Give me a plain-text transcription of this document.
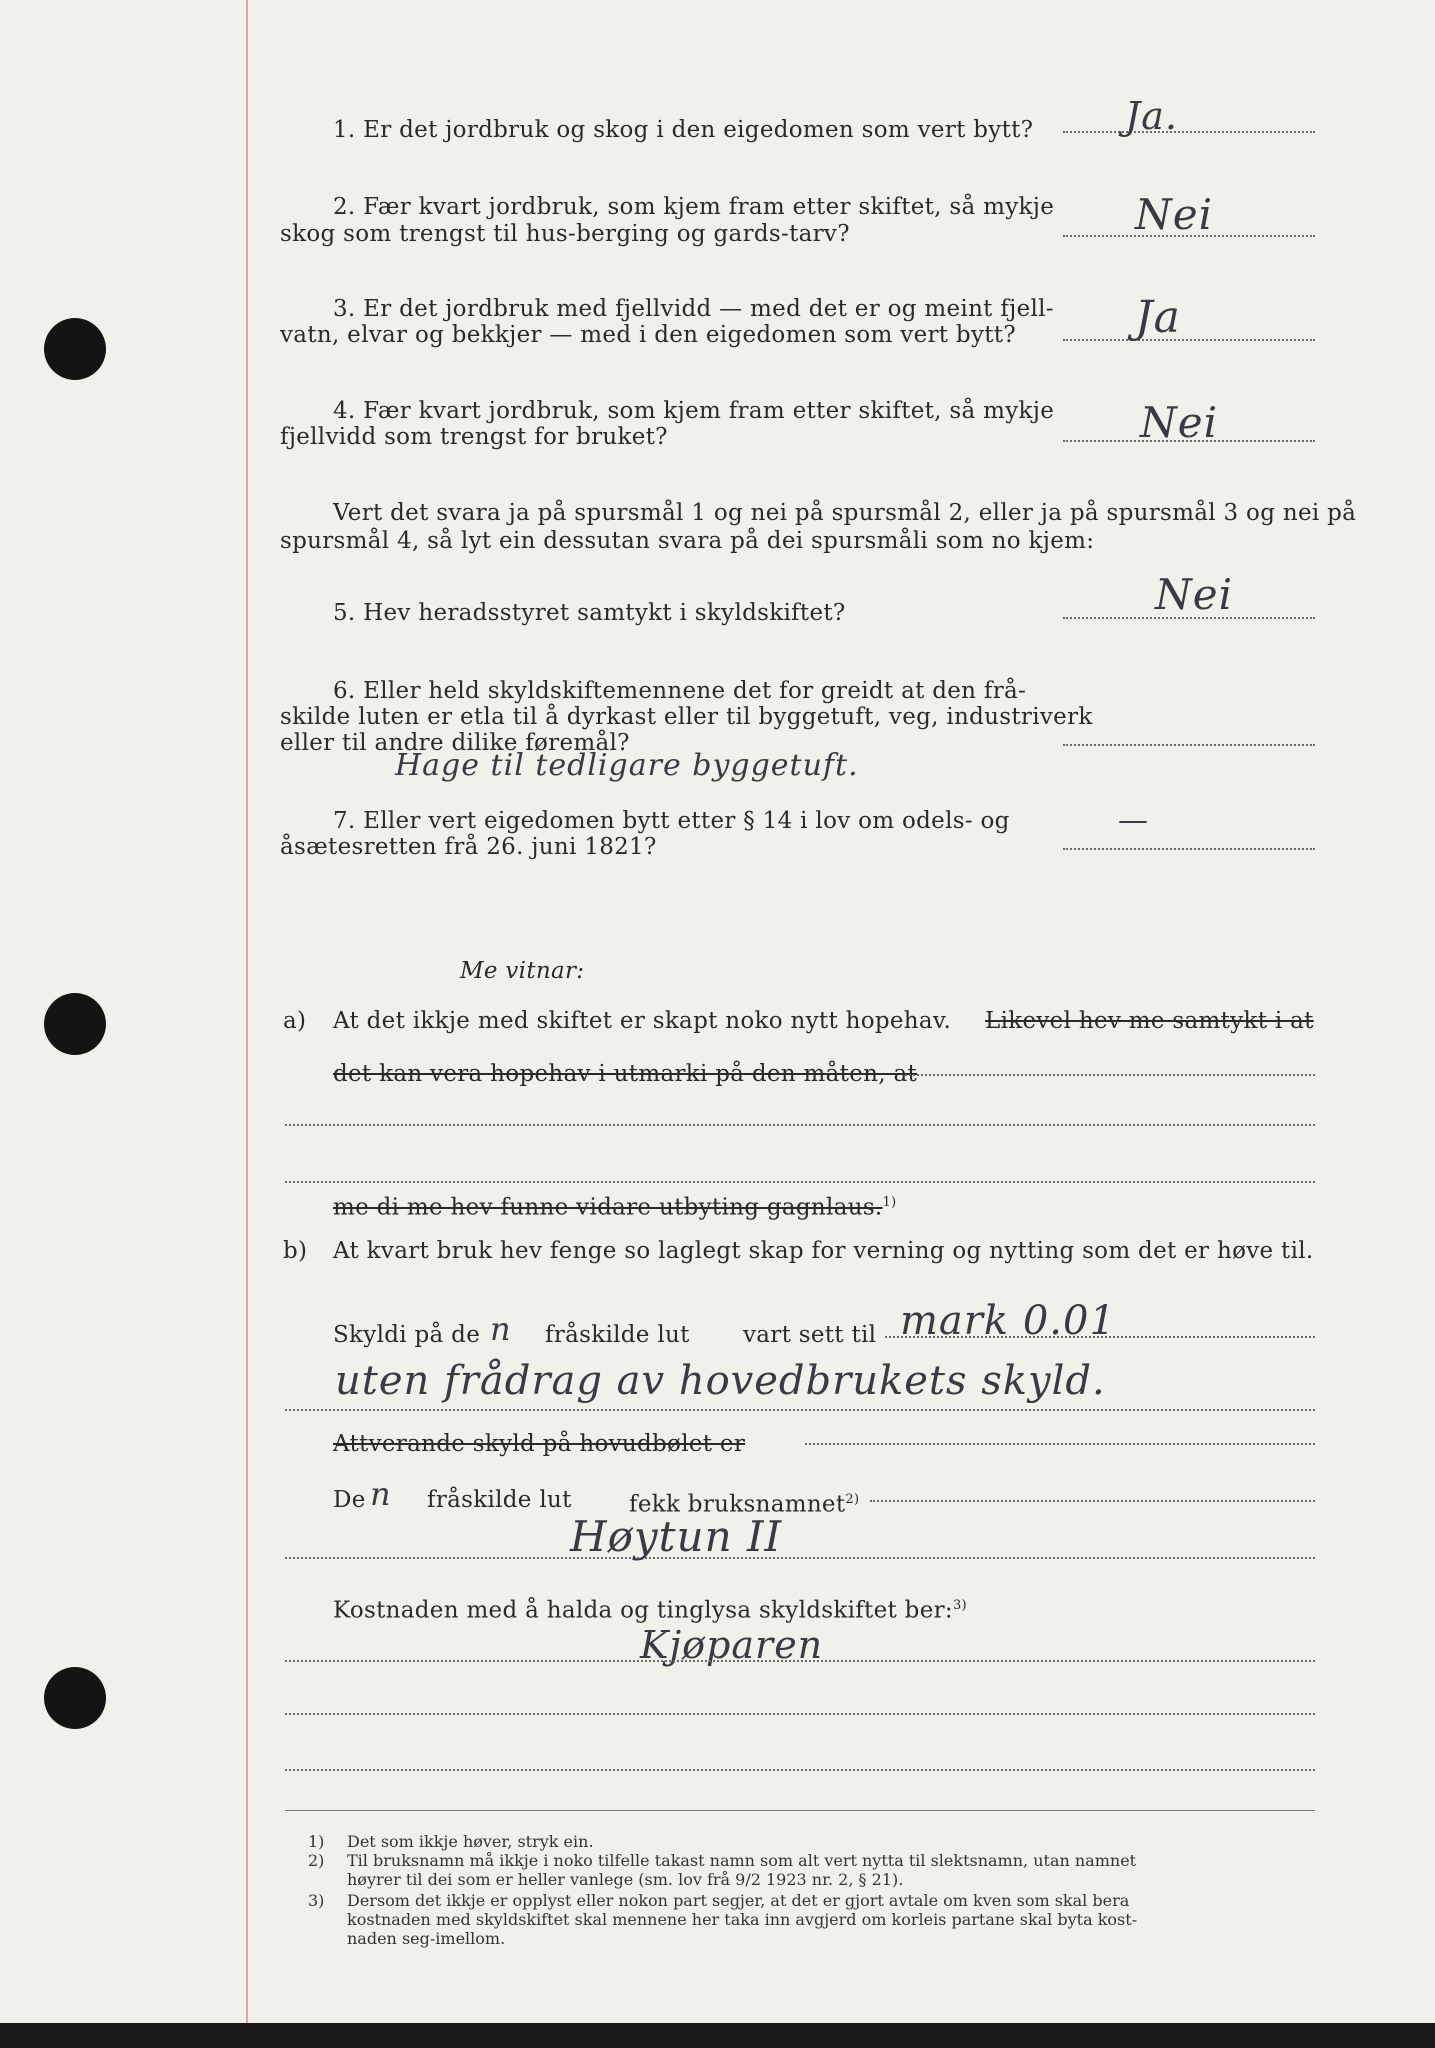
1. Er det jordbruk og skog i den eigedomen som vert bytt? Ja.
2. Fær kvart jordbruk, som kjem fram etter skiftet, så mykje
skog som trengst til hus-berging og gards-tarv?	Nei
3. Er det jordbruk med fjellvidd — med det er og meint fjell-
vatn, elvar og bekkjer — med i den eigedomen som vert bytt?	Ja
4. Fær kvart jordbruk, som kjem fram etter skiftet, så mykje
fjellvidd som trengst for bruket?	Nei
Vert det svara ja på spursmål 1 og nei på spursmål 2, eller ja på spursmål 3 og nei på
spursmål 4, så lyt ein dessutan svara på dei spursmåli som no kjem:
5. Hev heradsstyret samtykt i skyldskiftet?	Nei
6. Eller held skyldskiftemennene det for greidt at den frå-
skilde luten er etla til å dyrkast eller til byggetuft, veg, industriverk
eller til andre dilike føremål?
Hage til tedligare byggetuft.
7. Eller vert eigedomen bytt etter § 14 i lov om odels- og
åsætesretten frå 26. juni 1821?
—
Me vitnar:
a) At det ikkje med skiftet er skapt noko nytt hopehav. Likevel hev me samtykt i at
det kan vera hopehav i utmarki på den måten, at
me di me hev funne vidare utbyting gagnlaus.$^{1)}$
b) At kvart bruk hev fenge so laglegt skap for verning og nytting som det er høve til.
Skyldi på de n fråskilde lut vart sett til mark 0.01
uten frådrag av hovedbrukets skyld.
Attverande skyld på hovudbølet er
De n fråskilde lut fekk bruksnamnet$^{2)}$
Høytun II
Kostnaden med å halda og tinglysa skyldskiftet ber:$^{3)}$
Kjøparen
1) Det som ikkje høver, stryk ein.
2) Til bruksnamn må ikkje i noko tilfelle takast namn som alt vert nytta til slektsnamn, utan namnet
høyrer til dei som er heller vanlege (sm. lov frå 9/2 1923 nr. 2, § 21).
3) Dersom det ikkje er opplyst eller nokon part segjer, at det er gjort avtale om kven som skal bera
kostnaden med skyldskiftet skal mennene her taka inn avgjerd om korleis partane skal byta kost-
naden seg-imellom.
